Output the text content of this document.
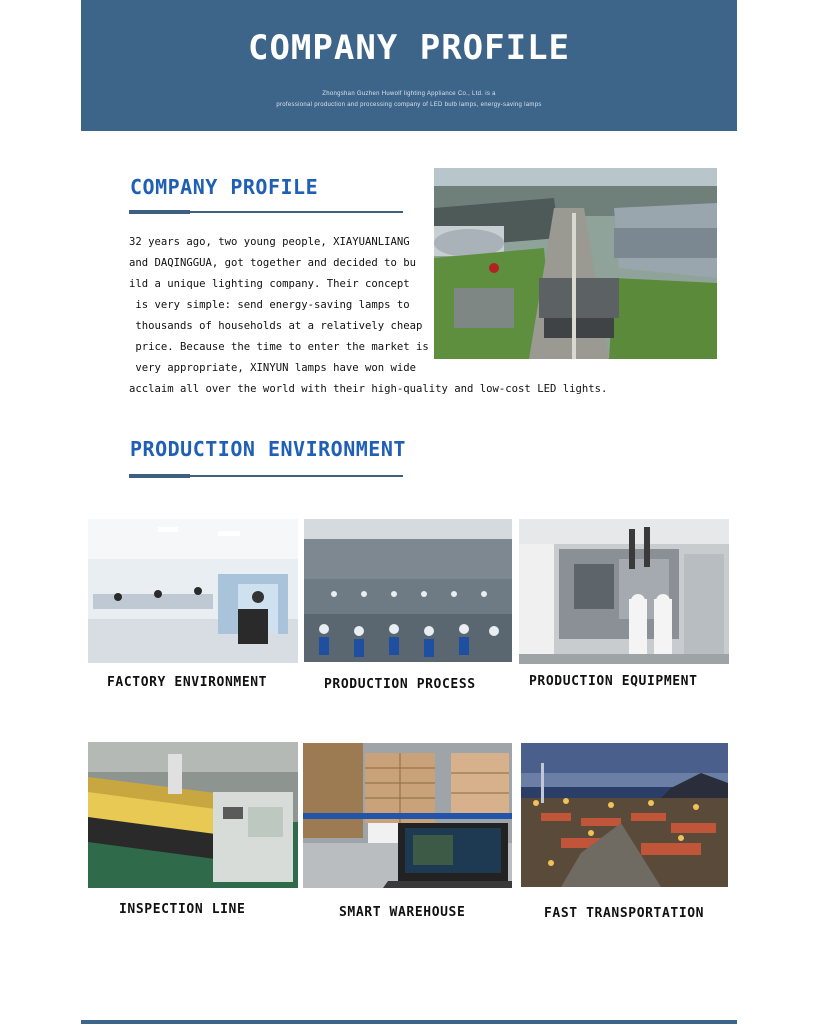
COMPANY PROFILE
Zhongshan Guzhen Huwolf lighting Appliance Co., Ltd. is a
professional production and processing company of LED bulb lamps, energy-saving lamps
COMPANY PROFILE
32 years ago, two young people, XIAYUANLIANG
and DAQINGGUA, got together and decided to bu
ild a unique lighting company. Their concept
is very simple: send energy-saving lamps to
thousands of households at a relatively cheap
price. Because the time to enter the market is
very appropriate, XINYUN lamps have won wide
acclaim all over the world with their high-quality and low-cost LED lights.
PRODUCTION ENVIRONMENT
FACTORY ENVIRONMENT	PRODUCTION PROCESS	PRODUCTION EQUIPMENT
INSPECTION LINE	SMART WAREHOUSE	FAST TRANSPORTATION
